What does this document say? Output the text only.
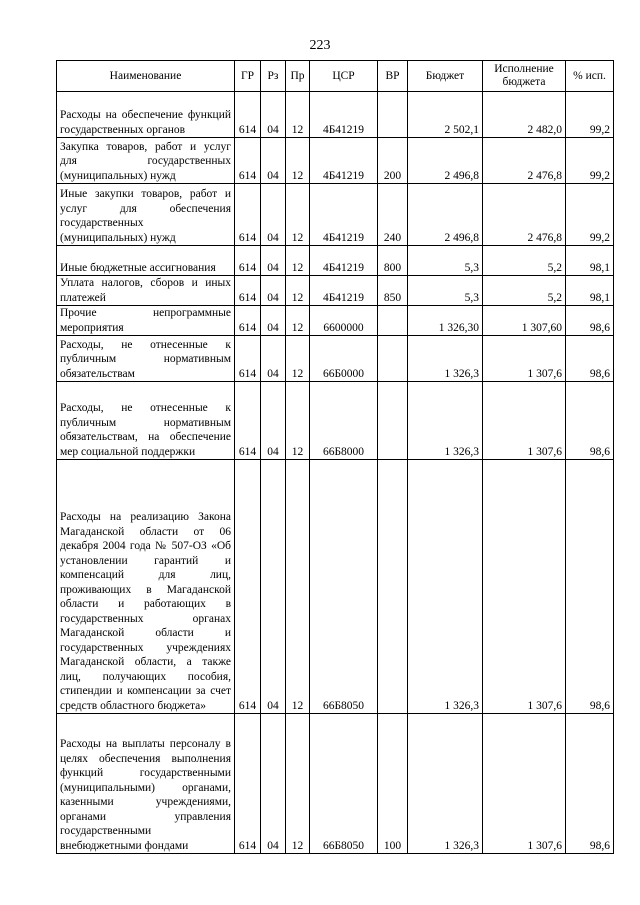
223
Наименование	ГР	Рз	Пр	ЦСР	ВР	Бюджет	Исполнение бюджета	% исп.
Расходы на обеспечение функций государственных органов	614	04	12	4Б41219		2 502,1	2 482,0	99,2
Закупка товаров, работ и услуг для государственных (муниципальных) нужд	614	04	12	4Б41219	200	2 496,8	2 476,8	99,2
Иные закупки товаров, работ и услуг для обеспечения государственных (муниципальных) нужд	614	04	12	4Б41219	240	2 496,8	2 476,8	99,2
Иные бюджетные ассигнования	614	04	12	4Б41219	800	5,3	5,2	98,1
Уплата налогов, сборов и иных платежей	614	04	12	4Б41219	850	5,3	5,2	98,1
Прочие непрограммные мероприятия	614	04	12	6600000		1 326,30	1 307,60	98,6
Расходы, не отнесенные к публичным нормативным обязательствам	614	04	12	66Б0000		1 326,3	1 307,6	98,6
Расходы, не отнесенные к публичным нормативным обязательствам, на обеспечение мер социальной поддержки	614	04	12	66Б8000		1 326,3	1 307,6	98,6
Расходы на реализацию Закона Магаданской области от 06 декабря 2004 года № 507-ОЗ «Об установлении гарантий и компенсаций для лиц, проживающих в Магаданской области и работающих в государственных органах Магаданской области и государственных учреждениях Магаданской области, а также лиц, получающих пособия, стипендии и компенсации за счет средств областного бюджета»	614	04	12	66Б8050		1 326,3	1 307,6	98,6
Расходы на выплаты персоналу в целях обеспечения выполнения функций государственными (муниципальными) органами, казенными учреждениями, органами управления государственными внебюджетными фондами	614	04	12	66Б8050	100	1 326,3	1 307,6	98,6
